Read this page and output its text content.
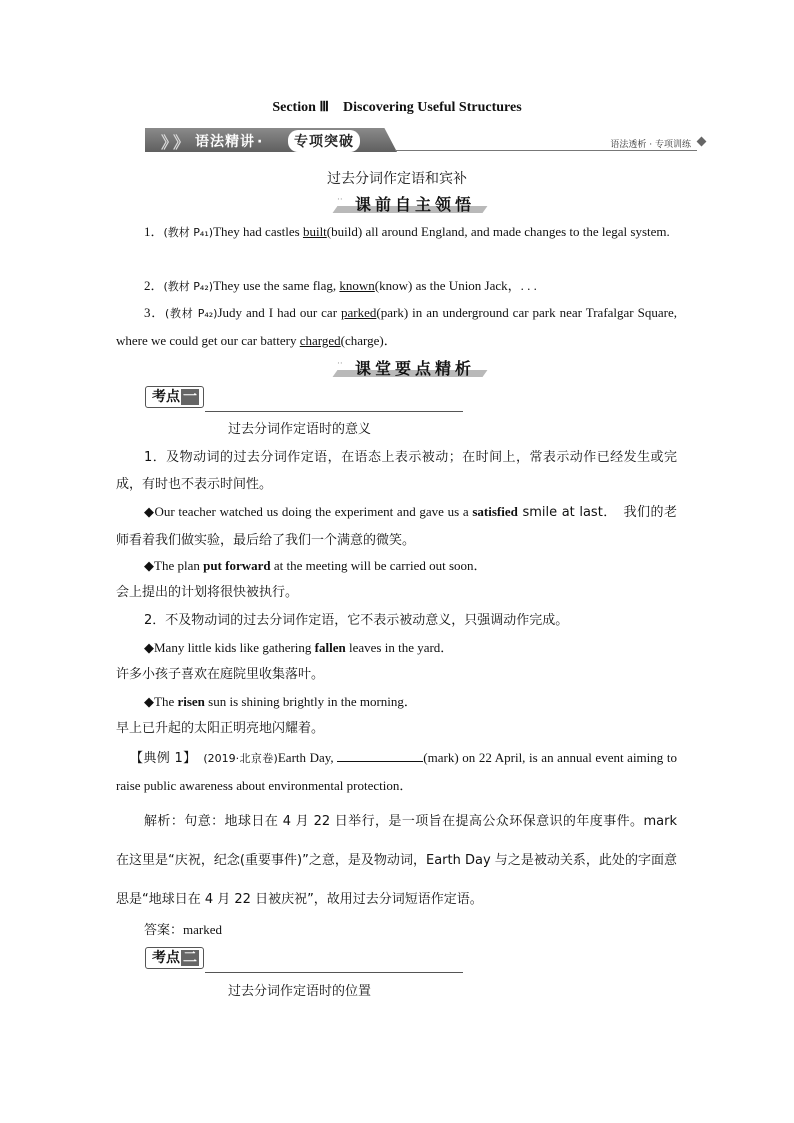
Section Ⅲ　Discovering Useful Structures
》
》 语法精讲 ·	专项突破	语法透析 · 专项训练
过去分词作定语和宾补
·· 课前自主领悟
1．(教材 P₄₁)They had castles built(build) all around England, and made changes to the legal system.
2．(教材 P₄₂)They use the same flag, known(know) as the Union Jack，. . .
3．(教材 P₄₂)Judy and I had our car parked(park) in an underground car park near Trafalgar Square, where we could get our car battery charged(charge)．
·· 课堂要点精析
考点 一
过去分词作定语时的意义
1．及物动词的过去分词作定语，在语态上表示被动；在时间上，常表示动作已经发生或完成，有时也不表示时间性。
◆Our teacher watched us doing the experiment and gave us a satisfied smile at last．　我们的老师看着我们做实验，最后给了我们一个满意的微笑。
◆The plan put forward at the meeting will be carried out soon．
会上提出的计划将很快被执行。
2．不及物动词的过去分词作定语，它不表示被动意义，只强调动作完成。
◆Many little kids like gathering fallen leaves in the yard．
许多小孩子喜欢在庭院里收集落叶。
◆The risen sun is shining brightly in the morning．
早上已升起的太阳正明亮地闪耀着。
【典例 1】　 (2019·北京卷)Earth Day,	(mark) on 22 April, is an annual event aiming to raise public awareness about environmental protection．
解析：句意：地球日在 4 月 22 日举行，是一项旨在提高公众环保意识的年度事件。mark 在这里是“庆祝，纪念(重要事件)”之意，是及物动词，Earth Day 与之是被动关系，此处的字面意思是“地球日在 4 月 22 日被庆祝”，故用过去分词短语作定语。
答案：marked
考点 二
过去分词作定语时的位置
